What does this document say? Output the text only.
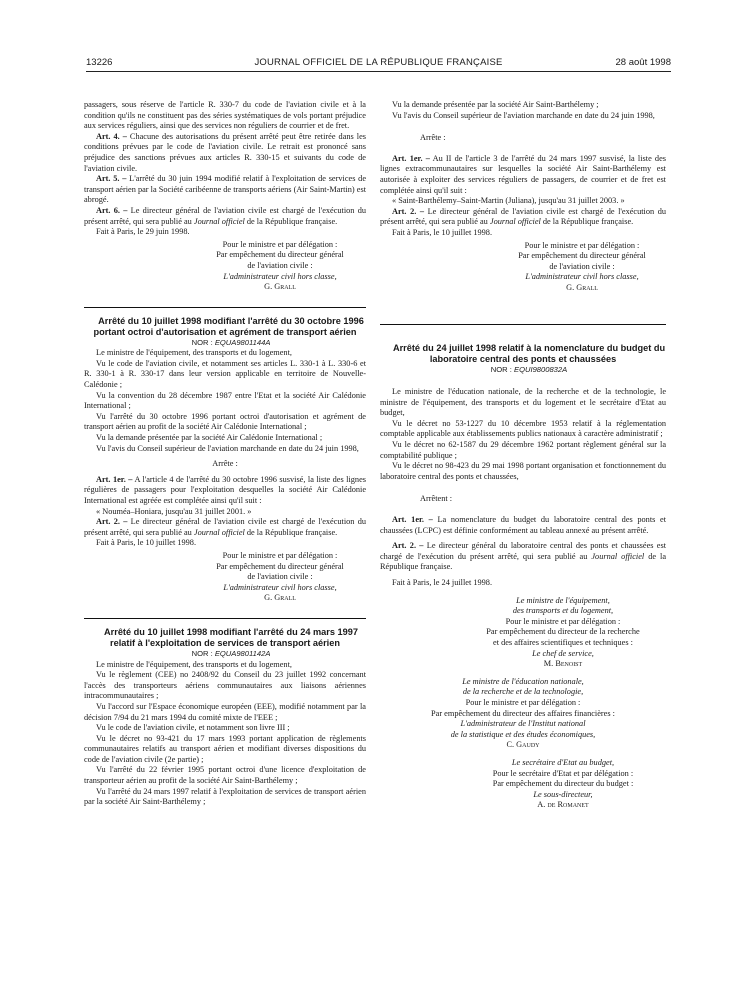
13226	JOURNAL OFFICIEL DE LA RÉPUBLIQUE FRANÇAISE	28 août 1998

passagers, sous réserve de l'article R. 330-7 du code de l'aviation civile et à la condition qu'ils ne constituent pas des séries systématiques de vols portant préjudice aux services réguliers, ainsi que des services non réguliers de courrier et de fret.

Art. 4. – Chacune des autorisations du présent arrêté peut être retirée dans les conditions prévues par le code de l'aviation civile. Le retrait est prononcé sans préjudice des sanctions prévues aux articles R. 330-15 et suivants du code de l'aviation civile.

Art. 5. – L'arrêté du 30 juin 1994 modifié relatif à l'exploitation de services de transport aérien par la Société caribéenne de transports aériens (Air Saint-Martin) est abrogé.

Art. 6. – Le directeur général de l'aviation civile est chargé de l'exécution du présent arrêté, qui sera publié au Journal officiel de la République française.

Fait à Paris, le 29 juin 1998.

Pour le ministre et par délégation :

Par empêchement du directeur général

de l'aviation civile :

L'administrateur civil hors classe,

G. Grall

Arrêté du 10 juillet 1998 modifiant l'arrêté du 30 octobre 1996 portant octroi d'autorisation et agrément de transport aérien

NOR : EQUA9801144A

Le ministre de l'équipement, des transports et du logement,

Vu le code de l'aviation civile, et notamment ses articles L. 330-1 à L. 330-6 et R. 330-1 à R. 330-17 dans leur version applicable en territoire de Nouvelle-Calédonie ;

Vu la convention du 28 décembre 1987 entre l'Etat et la société Air Calédonie International ;

Vu l'arrêté du 30 octobre 1996 portant octroi d'autorisation et agrément de transport aérien au profit de la société Air Calédonie International ;

Vu la demande présentée par la société Air Calédonie International ;

Vu l'avis du Conseil supérieur de l'aviation marchande en date du 24 juin 1998,

Arrête :

Art. 1er. – A l'article 4 de l'arrêté du 30 octobre 1996 susvisé, la liste des lignes régulières de passagers pour l'exploitation desquelles la société Air Calédonie International est agréée est complétée ainsi qu'il suit :

« Nouméa–Honiara, jusqu'au 31 juillet 2001. »

Art. 2. – Le directeur général de l'aviation civile est chargé de l'exécution du présent arrêté, qui sera publié au Journal officiel de la République française.

Fait à Paris, le 10 juillet 1998.

Pour le ministre et par délégation :

Par empêchement du directeur général

de l'aviation civile :

L'administrateur civil hors classe,

G. Grall

Arrêté du 10 juillet 1998 modifiant l'arrêté du 24 mars 1997 relatif à l'exploitation de services de transport aérien

NOR : EQUA9801142A

Le ministre de l'équipement, des transports et du logement,

Vu le règlement (CEE) no 2408/92 du Conseil du 23 juillet 1992 concernant l'accès des transporteurs aériens communautaires aux liaisons aériennes intracommunautaires ;

Vu l'accord sur l'Espace économique européen (EEE), modifié notamment par la décision 7/94 du 21 mars 1994 du comité mixte de l'EEE ;

Vu le code de l'aviation civile, et notamment son livre III ;

Vu le décret no 93-421 du 17 mars 1993 portant application de règlements communautaires relatifs au transport aérien et modifiant diverses dispositions du code de l'aviation civile (2e partie) ;

Vu l'arrêté du 22 février 1995 portant octroi d'une licence d'exploitation de transporteur aérien au profit de la société Air Saint-Barthélemy ;

Vu l'arrêté du 24 mars 1997 relatif à l'exploitation de services de transport aérien par la société Air Saint-Barthélemy ;

Vu la demande présentée par la société Air Saint-Barthélemy ;

Vu l'avis du Conseil supérieur de l'aviation marchande en date du 24 juin 1998,

Arrête :

Art. 1er. – Au II de l'article 3 de l'arrêté du 24 mars 1997 susvisé, la liste des lignes extracommunautaires sur lesquelles la société Air Saint-Barthélemy est autorisée à exploiter des services réguliers de passagers, de courrier et de fret est complétée ainsi qu'il suit :

« Saint-Barthélemy–Saint-Martin (Juliana), jusqu'au 31 juillet 2003. »

Art. 2. – Le directeur général de l'aviation civile est chargé de l'exécution du présent arrêté, qui sera publié au Journal officiel de la République française.

Fait à Paris, le 10 juillet 1998.

Pour le ministre et par délégation :

Par empêchement du directeur général

de l'aviation civile :

L'administrateur civil hors classe,

G. Grall

Arrêté du 24 juillet 1998 relatif à la nomenclature du budget du laboratoire central des ponts et chaussées

NOR : EQUI9800832A

Le ministre de l'éducation nationale, de la recherche et de la technologie, le ministre de l'équipement, des transports et du logement et le secrétaire d'Etat au budget,

Vu le décret no 53-1227 du 10 décembre 1953 relatif à la réglementation comptable applicable aux établissements publics nationaux à caractère administratif ;

Vu le décret no 62-1587 du 29 décembre 1962 portant règlement général sur la comptabilité publique ;

Vu le décret no 98-423 du 29 mai 1998 portant organisation et fonctionnement du laboratoire central des ponts et chaussées,

Arrêtent :

Art. 1er. – La nomenclature du budget du laboratoire central des ponts et chaussées (LCPC) est définie conformément au tableau annexé au présent arrêté.

Art. 2. – Le directeur général du laboratoire central des ponts et chaussées est chargé de l'exécution du présent arrêté, qui sera publié au Journal officiel de la République française.

Fait à Paris, le 24 juillet 1998.

Le ministre de l'équipement,

des transports et du logement,

Pour le ministre et par délégation :

Par empêchement du directeur de la recherche

et des affaires scientifiques et techniques :

Le chef de service,

M. Benoist

Le ministre de l'éducation nationale,

de la recherche et de la technologie,

Pour le ministre et par délégation :

Par empêchement du directeur des affaires financières :

L'administrateur de l'Institut national

de la statistique et des études économiques,

C. Gaudy

Le secrétaire d'Etat au budget,

Pour le secrétaire d'Etat et par délégation :

Par empêchement du directeur du budget :

Le sous-directeur,

A. de Romanet
